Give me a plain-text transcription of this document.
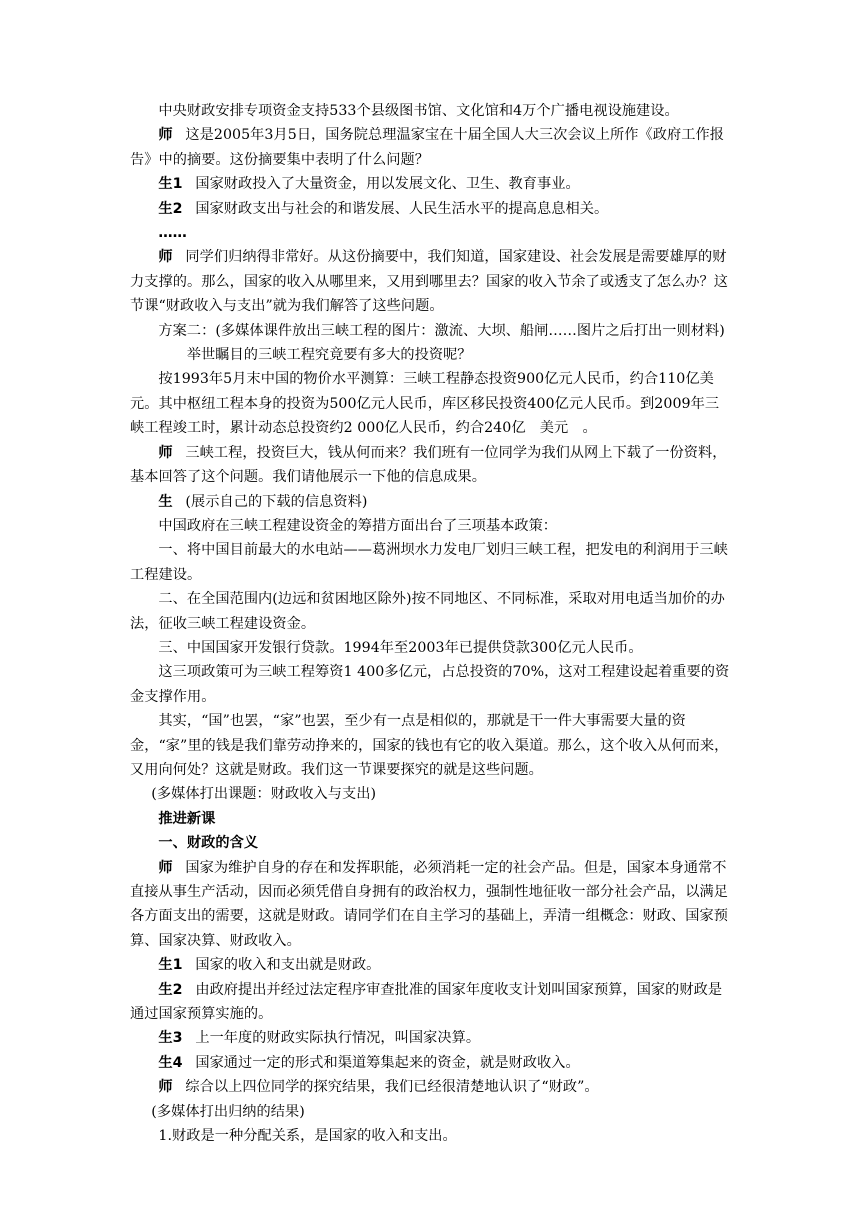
中央财政安排专项资金支持533个县级图书馆、文化馆和4万个广播电视设施建设。

师 这是2005年3月5日，国务院总理温家宝在十届全国人大三次会议上所作《政府工作报告》中的摘要。这份摘要集中表明了什么问题？

生1 国家财政投入了大量资金，用以发展文化、卫生、教育事业。

生2 国家财政支出与社会的和谐发展、人民生活水平的提高息息相关。

……

师 同学们归纳得非常好。从这份摘要中，我们知道，国家建设、社会发展是需要雄厚的财力支撑的。那么，国家的收入从哪里来，又用到哪里去？国家的收入节余了或透支了怎么办？这节课“财政收入与支出”就为我们解答了这些问题。

方案二：(多媒体课件放出三峡工程的图片：激流、大坝、船闸……图片之后打出一则材料)

举世瞩目的三峡工程究竟要有多大的投资呢？

按1993年5月末中国的物价水平测算：三峡工程静态投资900亿元人民币，约合110亿美元。其中枢纽工程本身的投资为500亿元人民币，库区移民投资400亿元人民币。到2009年三峡工程竣工时，累计动态总投资约2 000亿人民币，约合240亿　美元　。

师 三峡工程，投资巨大，钱从何而来？我们班有一位同学为我们从网上下载了一份资料，基本回答了这个问题。我们请他展示一下他的信息成果。

生 (展示自己的下载的信息资料)

中国政府在三峡工程建设资金的筹措方面出台了三项基本政策：

一、将中国目前最大的水电站——葛洲坝水力发电厂划归三峡工程，把发电的利润用于三峡工程建设。

二、在全国范围内(边远和贫困地区除外)按不同地区、不同标准，采取对用电适当加价的办法，征收三峡工程建设资金。

三、中国国家开发银行贷款。1994年至2003年已提供贷款300亿元人民币。

这三项政策可为三峡工程筹资1 400多亿元，占总投资的70%，这对工程建设起着重要的资金支撑作用。

其实，“国”也罢，“家”也罢，至少有一点是相似的，那就是干一件大事需要大量的资金，“家”里的钱是我们靠劳动挣来的，国家的钱也有它的收入渠道。那么，这个收入从何而来，又用向何处？这就是财政。我们这一节课要探究的就是这些问题。

(多媒体打出课题：财政收入与支出)

推进新课

一、财政的含义

师 国家为维护自身的存在和发挥职能，必须消耗一定的社会产品。但是，国家本身通常不直接从事生产活动，因而必须凭借自身拥有的政治权力，强制性地征收一部分社会产品，以满足各方面支出的需要，这就是财政。请同学们在自主学习的基础上，弄清一组概念：财政、国家预算、国家决算、财政收入。

生1 国家的收入和支出就是财政。

生2 由政府提出并经过法定程序审查批准的国家年度收支计划叫国家预算，国家的财政是通过国家预算实施的。

生3 上一年度的财政实际执行情况，叫国家决算。

生4 国家通过一定的形式和渠道筹集起来的资金，就是财政收入。

师 综合以上四位同学的探究结果，我们已经很清楚地认识了“财政”。

(多媒体打出归纳的结果)

1.财政是一种分配关系，是国家的收入和支出。
